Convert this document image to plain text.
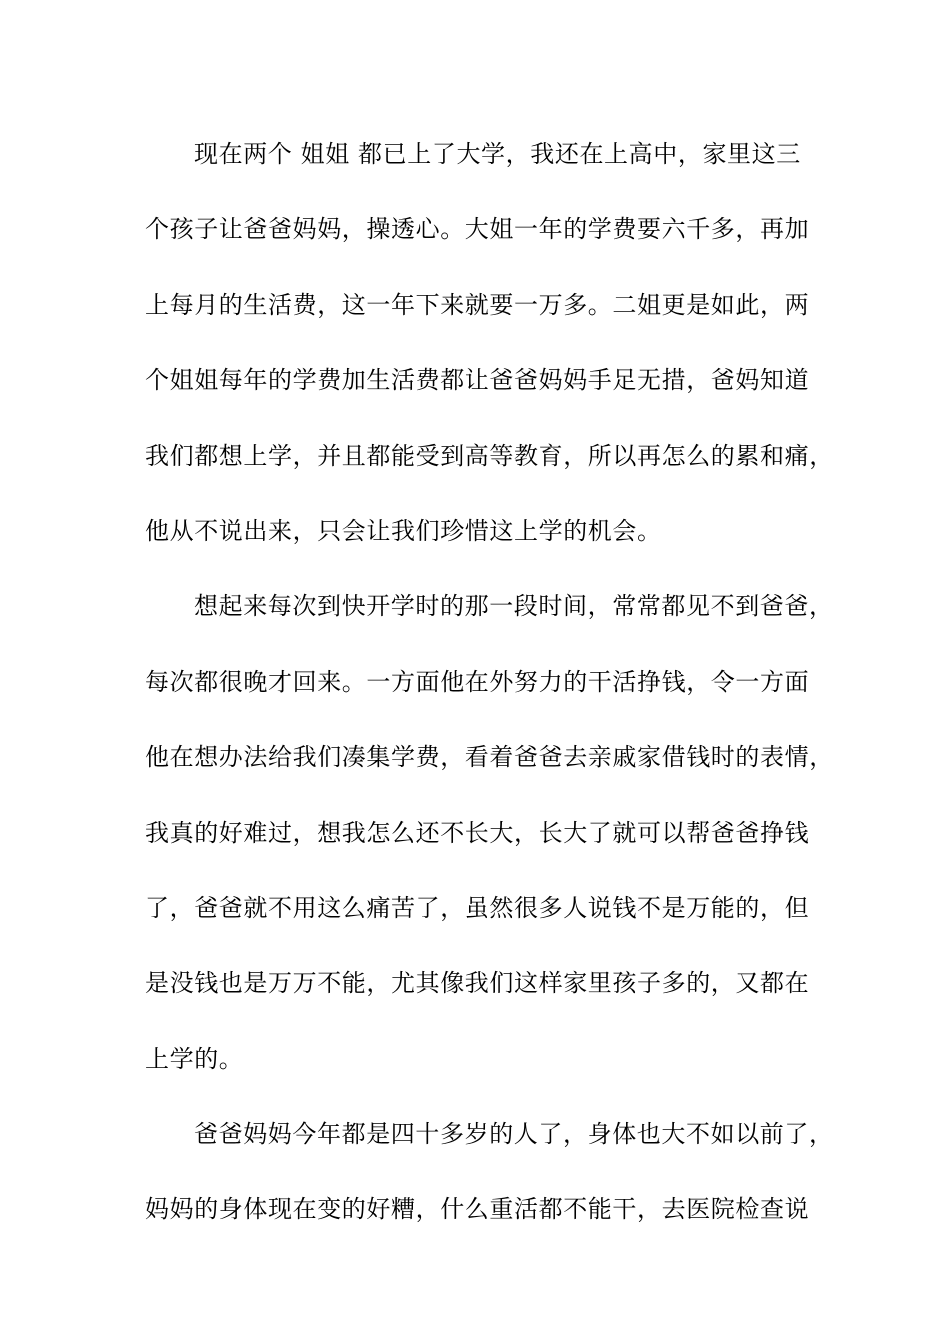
现在两个 姐姐 都已上了大学，我还在上高中，家里这三
个孩子让爸爸妈妈，操透心。大姐一年的学费要六千多，再加
上每月的生活费，这一年下来就要一万多。二姐更是如此，两
个姐姐每年的学费加生活费都让爸爸妈妈手足无措，爸妈知道
我们都想上学，并且都能受到高等教育，所以再怎么的累和痛，
他从不说出来，只会让我们珍惜这上学的机会。
想起来每次到快开学时的那一段时间，常常都见不到爸爸，
每次都很晚才回来。一方面他在外努力的干活挣钱，令一方面
他在想办法给我们凑集学费，看着爸爸去亲戚家借钱时的表情，
我真的好难过，想我怎么还不长大，长大了就可以帮爸爸挣钱
了，爸爸就不用这么痛苦了，虽然很多人说钱不是万能的，但
是没钱也是万万不能，尤其像我们这样家里孩子多的，又都在
上学的。
爸爸妈妈今年都是四十多岁的人了，身体也大不如以前了，
妈妈的身体现在变的好糟，什么重活都不能干，去医院检查说
